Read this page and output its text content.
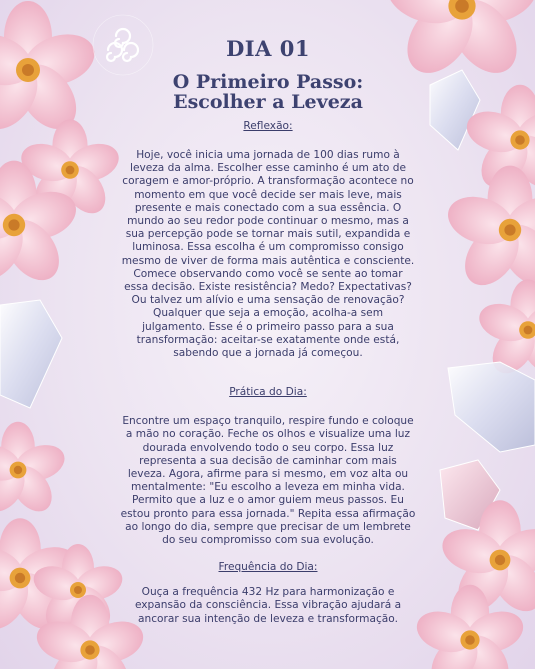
DIA 01
O Primeiro Passo:
Escolher a Leveza

Reflexão:

Hoje, você inicia uma jornada de 100 dias rumo à leveza da alma. Escolher esse caminho é um ato de coragem e amor-próprio. A transformação acontece no momento em que você decide ser mais leve, mais presente e mais conectado com a sua essência. O mundo ao seu redor pode continuar o mesmo, mas a sua percepção pode se tornar mais sutil, expandida e luminosa. Essa escolha é um compromisso consigo mesmo de viver de forma mais autêntica e consciente. Comece observando como você se sente ao tomar essa decisão. Existe resistência? Medo? Expectativas? Ou talvez um alívio e uma sensação de renovação? Qualquer que seja a emoção, acolha-a sem julgamento. Esse é o primeiro passo para a sua transformação: aceitar-se exatamente onde está, sabendo que a jornada já começou.

Prática do Dia:

Encontre um espaço tranquilo, respire fundo e coloque a mão no coração. Feche os olhos e visualize uma luz dourada envolvendo todo o seu corpo. Essa luz representa a sua decisão de caminhar com mais leveza. Agora, afirme para si mesmo, em voz alta ou mentalmente: "Eu escolho a leveza em minha vida. Permito que a luz e o amor guiem meus passos. Eu estou pronto para essa jornada." Repita essa afirmação ao longo do dia, sempre que precisar de um lembrete do seu compromisso com sua evolução.

Frequência do Dia:

Ouça a frequência 432 Hz para harmonização e expansão da consciência. Essa vibração ajudará a ancorar sua intenção de leveza e transformação.
